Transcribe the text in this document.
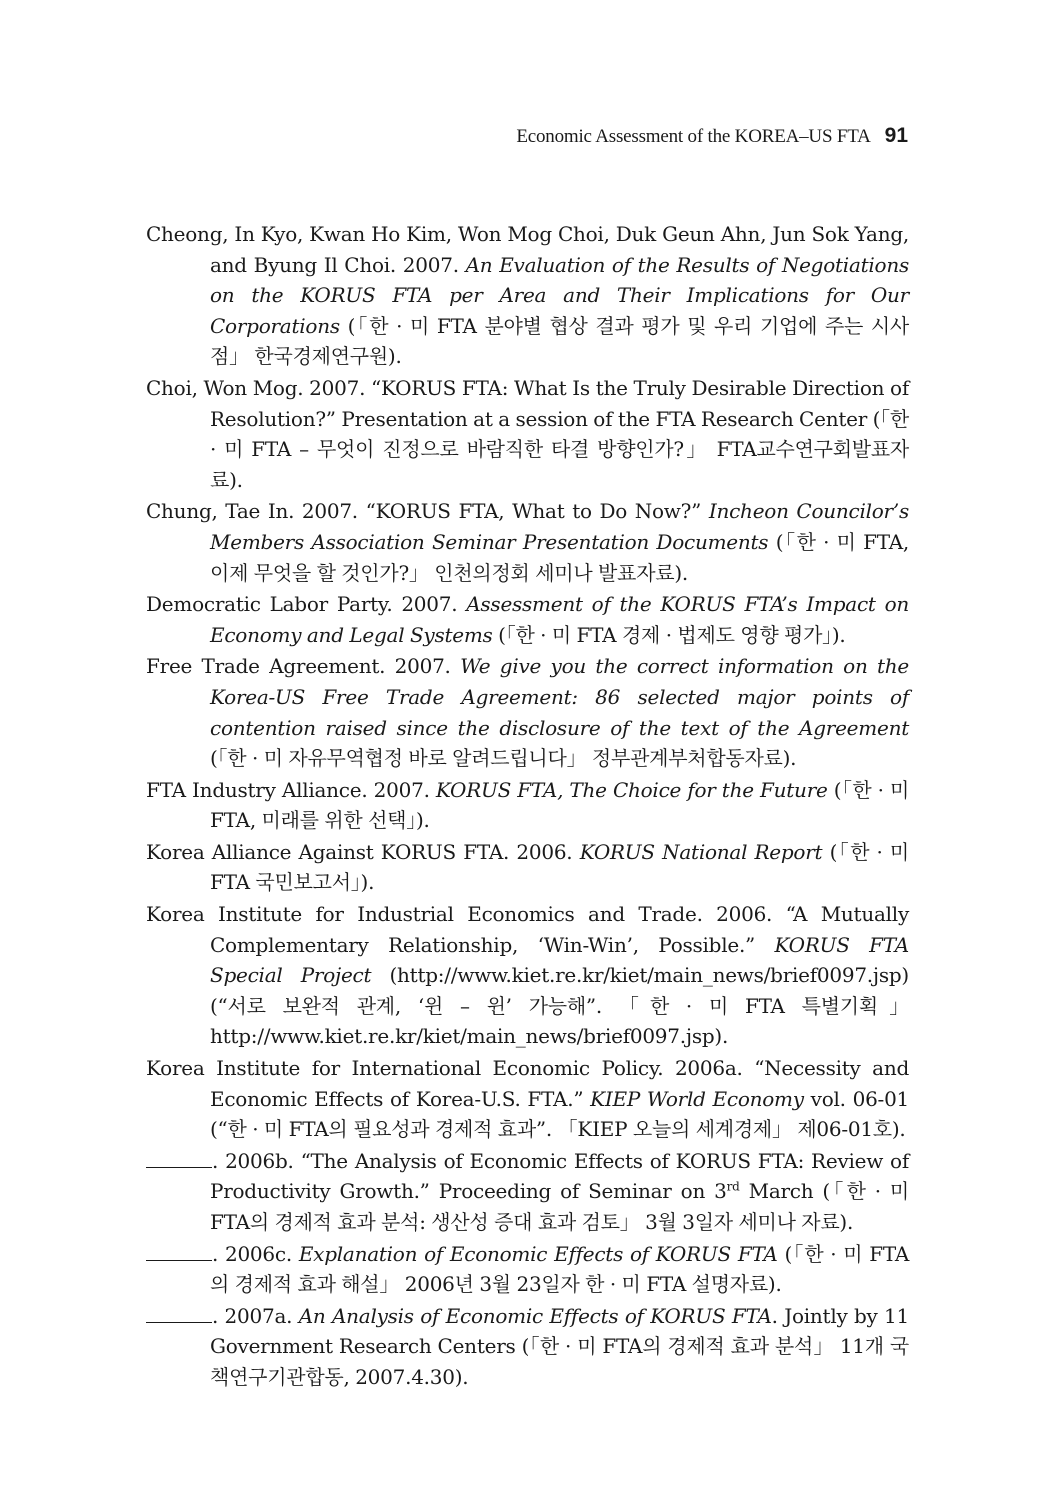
Economic Assessment of the KOREA–US FTA 91

Cheong, In Kyo, Kwan Ho Kim, Won Mog Choi, Duk Geun Ahn, Jun Sok Yang, and Byung Il Choi. 2007. An Evaluation of the Results of Negotiations on the KORUS FTA per Area and Their Implications for Our Corporations (「한 · 미 FTA 분야별 협상 결과 평가 및 우리 기업에 주는 시사점」 한국경제연구원).

Choi, Won Mog. 2007. “KORUS FTA: What Is the Truly Desirable Direction of Resolution?” Presentation at a session of the FTA Research Center (「한 · 미 FTA – 무엇이 진정으로 바람직한 타결 방향인가?」 FTA교수연구회발표자료).

Chung, Tae In. 2007. “KORUS FTA, What to Do Now?” Incheon Councilor’s Members Association Seminar Presentation Documents (「한 · 미 FTA, 이제 무엇을 할 것인가?」 인천의정회 세미나 발표자료).

Democratic Labor Party. 2007. Assessment of the KORUS FTA’s Impact on Economy and Legal Systems (「한 · 미 FTA 경제 · 법제도 영향 평가」).

Free Trade Agreement. 2007. We give you the correct information on the Korea-US Free Trade Agreement: 86 selected major points of contention raised since the disclosure of the text of the Agreement (「한 · 미 자유무역협정 바로 알려드립니다」 정부관계부처합동자료).

FTA Industry Alliance. 2007. KORUS FTA, The Choice for the Future (「한 · 미 FTA, 미래를 위한 선택」).

Korea Alliance Against KORUS FTA. 2006. KORUS National Report (「한 · 미 FTA 국민보고서」).

Korea Institute for Industrial Economics and Trade. 2006. “A Mutually Complementary Relationship, ‘Win-Win’, Possible.” KORUS FTA Special Project (http://www.kiet.re.kr/kiet/main_news/brief0097.jsp) (“서로 보완적 관계, ‘윈 – 윈’ 가능해”. 「한 · 미 FTA 특별기획」 http://www.kiet.re.kr/kiet/main_news/brief0097.jsp).

Korea Institute for International Economic Policy. 2006a. “Necessity and Economic Effects of Korea-U.S. FTA.” KIEP World Economy vol. 06-01 (“한 · 미 FTA의 필요성과 경제적 효과”. 「KIEP 오늘의 세계경제」 제06-01호).

. 2006b. “The Analysis of Economic Effects of KORUS FTA: Review of Productivity Growth.” Proceeding of Seminar on 3rd March (「한 · 미 FTA의 경제적 효과 분석: 생산성 증대 효과 검토」 3월 3일자 세미나 자료).

. 2006c. Explanation of Economic Effects of KORUS FTA (「한 · 미 FTA의 경제적 효과 해설」 2006년 3월 23일자 한 · 미 FTA 설명자료).

. 2007a. An Analysis of Economic Effects of KORUS FTA. Jointly by 11 Government Research Centers (「한 · 미 FTA의 경제적 효과 분석」 11개 국책연구기관합동, 2007.4.30).
